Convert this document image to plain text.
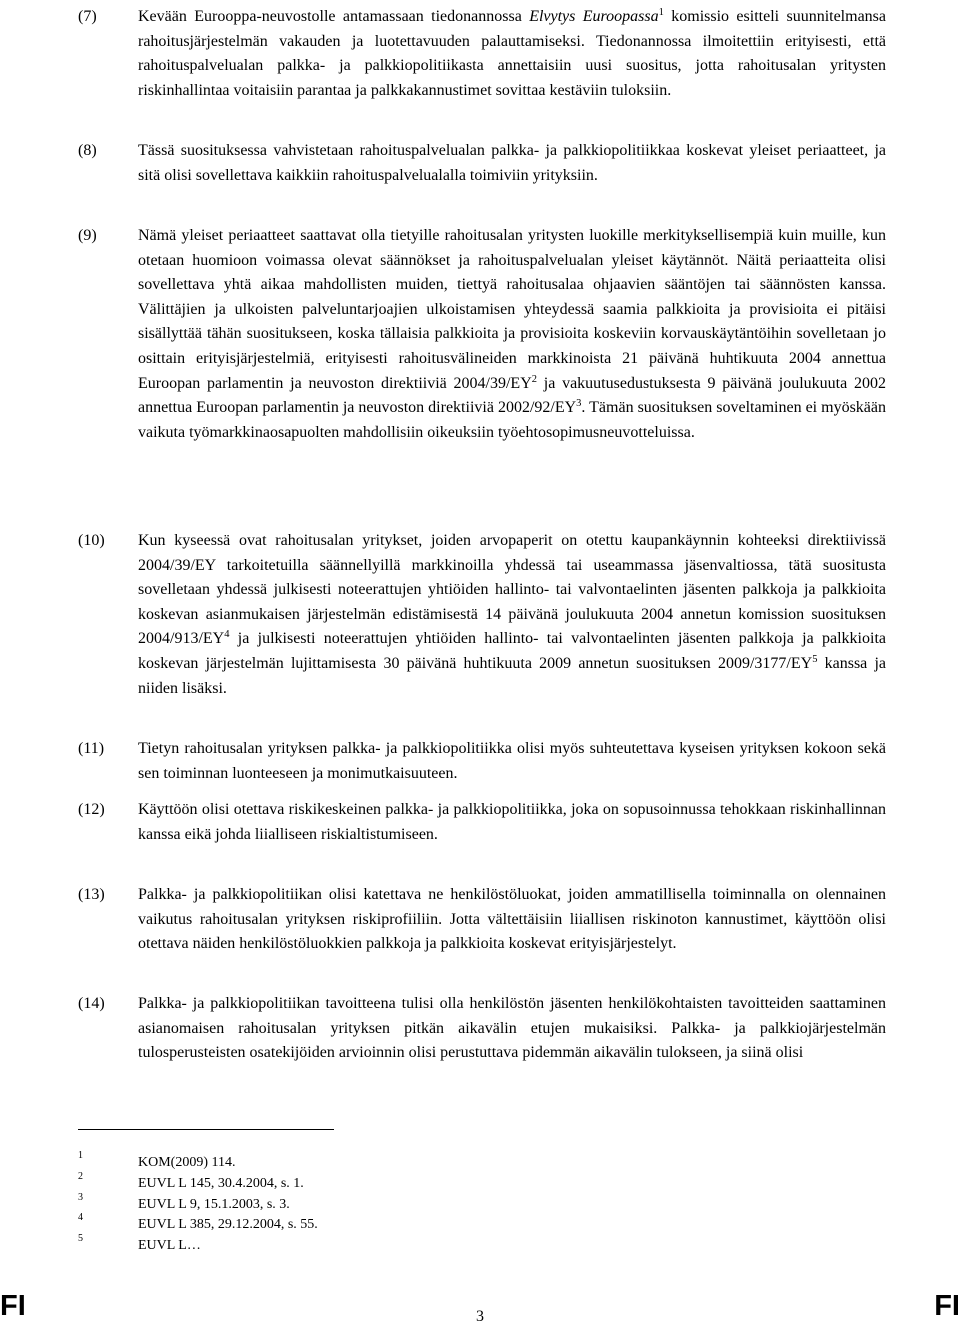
(7)	Kevään Eurooppa-neuvostolle antamassaan tiedonannossa Elvytys Euroopassa$^1$ komissio esitteli suunnitelmansa rahoitusjärjestelmän vakauden ja luotettavuuden palauttamiseksi. Tiedonannossa ilmoitettiin erityisesti, että rahoituspalvelualan palkka- ja palkkiopolitiikasta annettaisiin uusi suositus, jotta rahoitusalan yritysten riskinhallintaa voitaisiin parantaa ja palkkakannustimet sovittaa kestäviin tuloksiin.
(8)	Tässä suosituksessa vahvistetaan rahoituspalvelualan palkka- ja palkkiopolitiikkaa koskevat yleiset periaatteet, ja sitä olisi sovellettava kaikkiin rahoituspalvelualalla toimiviin yrityksiin.
(9)	Nämä yleiset periaatteet saattavat olla tietyille rahoitusalan yritysten luokille merkityksellisempiä kuin muille, kun otetaan huomioon voimassa olevat säännökset ja rahoituspalvelualan yleiset käytännöt. Näitä periaatteita olisi sovellettava yhtä aikaa mahdollisten muiden, tiettyä rahoitusalaa ohjaavien sääntöjen tai säännösten kanssa. Välittäjien ja ulkoisten palveluntarjoajien ulkoistamisen yhteydessä saamia palkkioita ja provisioita ei pitäisi sisällyttää tähän suositukseen, koska tällaisia palkkioita ja provisioita koskeviin korvauskäytäntöihin sovelletaan jo osittain erityisjärjestelmiä, erityisesti rahoitusvälineiden markkinoista 21 päivänä huhtikuuta 2004 annettua Euroopan parlamentin ja neuvoston direktiiviä $2004/39/EY^2$ ja vakuutusedustuksesta 9 päivänä joulukuuta 2002 annettua Euroopan parlamentin ja neuvoston direktiiviä $2002/92/EY^3$. Tämän suosituksen soveltaminen ei myöskään vaikuta työmarkkinaosapuolten mahdollisiin oikeuksiin työehtosopimusneuvotteluissa.
(10) Kun kyseessä ovat rahoitusalan yritykset, joiden arvopaperit on otettu kaupankäynnin kohteeksi direktiivissä 2004/39/EY tarkoitetuilla säännellyillä markkinoilla yhdessä tai useammassa jäsenvaltiossa, tätä suositusta sovelletaan yhdessä julkisesti noteerattujen yhtiöiden hallinto- tai valvontaelinten jäsenten palkkoja ja palkkioita koskevan asianmukaisen järjestelmän edistämisestä 14 päivänä joulukuuta 2004 annetun komission suosituksen $2004/913/EY^4$ ja julkisesti noteerattujen yhtiöiden hallinto- tai valvontaelinten jäsenten palkkoja ja palkkioita koskevan järjestelmän lujittamisesta 30 päivänä huhtikuuta 2009 annetun suosituksen $2009/3177/EY^5$ kanssa ja niiden lisäksi.
(11) Tietyn rahoitusalan yrityksen palkka- ja palkkiopolitiikka olisi myös suhteutettava kyseisen yrityksen kokoon sekä sen toiminnan luonteeseen ja monimutkaisuuteen.
(12) Käyttöön olisi otettava riskikeskeinen palkka- ja palkkiopolitiikka, joka on sopusoinnussa tehokkaan riskinhallinnan kanssa eikä johda liialliseen riskialtistumiseen.
(13) Palkka- ja palkkiopolitiikan olisi katettava ne henkilöstöluokat, joiden ammatillisella toiminnalla on olennainen vaikutus rahoitusalan yrityksen riskiprofiiliin. Jotta vältettäisiin liiallisen riskinoton kannustimet, käyttöön olisi otettava näiden henkilöstöluokkien palkkoja ja palkkioita koskevat erityisjärjestelyt.
(14) Palkka- ja palkkiopolitiikan tavoitteena tulisi olla henkilöstön jäsenten henkilökohtaisten tavoitteiden saattaminen asianomaisen rahoitusalan yrityksen pitkän aikavälin etujen mukaisiksi. Palkka- ja palkkiojärjestelmän tulosperusteisten osatekijöiden arvioinnin olisi perustuttava pidemmän aikavälin tulokseen, ja siinä olisi
1	KOM(2009) 114.
2	EUVL L 145, 30.4.2004, s. 1.
3	EUVL L 9, 15.1.2003, s. 3.
4	EUVL L 385, 29.12.2004, s. 55.
5	EUVL L…
FI	3	FI
